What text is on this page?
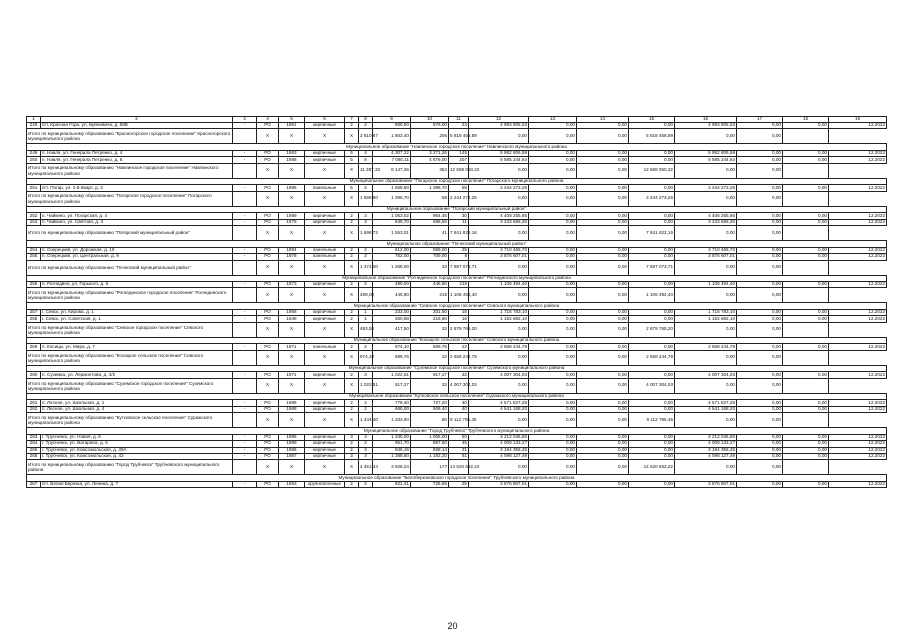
1	2	3	4	5	6	7	8	9	10	11	12	13	14	15	16	17	18	19
240	пгт. Красная Гора, ул. Буйневича, д. 58В	-	РО	1961	кирпичные	2	2	869,50	676,00	24	4 993 805,03	0,00	0,00	0,00	4 993 805,03	0,00	0,00	12.2022
Итого по муниципальному образованию "Красногорское городское поселение" Красногорского муниципального района			X	X	X	X	2 610,67	1 803,40	206	5 818 468,89	0,00	0,00	0,00	5 818 468,89	0,00	0,00		
Муниципальное образование "Навлинское городское поселение" Навлинского муниципального района																		
249	п. Навля, ул. Генерала Петренко, д. 4	-	РО	1983	кирпичные	5	4	4 307,22	3 271,26	145	5 982 806,58	0,00	0,00	0,00	5 982 806,58	0,00	0,00	12.2022
250	п. Навля, ул. Генерала Петренко, д. 6	-	РО	1988	кирпичные	5	8	7 080,11	4 876,00	207	6 585 244,64	0,00	0,00	0,00	6 585 244,64	0,00	0,00	12.2022
Итого по муниципальному образованию "Навлинское городское поселение" Навлинского муниципального района			X	X	X	X	11 387,33	8 147,26	352	12 568 050,22	0,00	0,00	0,00	12 568 050,22	0,00	0,00		
Муниципальное образование "Погарское городское поселение" Погарского муниципального района																		
251	пгт. Погар, ул. 2-й Кварт, д. 3	-	РО	1996	панельные	5	2	1 559,60	1 396,70	58	2 244 273,26	0,00	0,00	0,00	2 244 273,26	0,00	0,00	12.2022
Итого по муниципальному образованию "Погарское городское поселение" Погарского муниципального района			X	X	X	X	1 559,60	1 396,70	58	2 244 273,26	0,00	0,00	0,00	2 244 273,26	0,00	0,00		
Муниципальное образование "Погарский муниципальный район"																		
252	п. Чайкино, ул. Погарская, д. 4	-	РО	1989	кирпичные	2	3	1 053,02	964,45	30	4 408 255,86	0,00	0,00	0,00	4 408 255,86	0,00	0,00	12.2022
253	п. Чайкино, ул. Светлая, д. 3	-	РО	1975	кирпичные	2	3	645,70	588,56	11	3 433 566,30	0,00	0,00	0,00	3 433 566,30	0,00	0,00	12.2022
Итого по муниципальному образованию "Погарский муниципальный район"			X	X	X	X	1 698,72	1 553,01	41	7 841 822,16	0,00	0,00	0,00	7 841 822,16	0,00	0,00		
Муниципальное образование "Почепский муниципальный район"																		
254	п. Озерецкий, ул. Дорожная, д. 19	-	РО	1994	панельные	2	2	612,00	559,00	25	3 710 466,70	0,00	0,00	0,00	3 710 466,70	0,00	0,00	12.2022
255	п. Озерецкий, ул. Центральная, д. 9	-	РО	1978	панельные	2	2	762,00	709,00	8	3 876 607,01	0,00	0,00	0,00	3 876 607,01	0,00	0,00	12.2022
Итого по муниципальному образованию "Почепский муниципальный район"			X	X	X	X	1 374,00	1 268,00	33	7 587 073,71	0,00	0,00	0,00	7 587 073,71	0,00	0,00		
Муниципальное образование "Рогнединское городское поселение" Рогнединского муниципального района																		
256	п. Рогнедино, ул. Горького, д. 6	-	РО	1973	кирпичные	2	2	499,00	446,80	215	1 106 494,40	0,00	0,00	0,00	1 106 494,40	0,00	0,00	12.2022
Итого по муниципальному образованию "Рогнединское городское поселение" Рогнединского муниципального района			X	X	X	X	499,00	446,80	215	1 106 494,40	0,00	0,00	0,00	1 106 494,40	0,00	0,00		
Муниципальное образование "Севское городское поселение" Севского муниципального района																		
257	г. Севск, ул. Кирова, д. 1	-	РО	1956	кирпичные	2	1	233,00	201,90	16	1 716 783,10	0,00	0,00	0,00	1 716 783,10	0,00	0,00	12.2022
258	г. Севск, ул. Советская, д. 1	-	РО	1949	кирпичные	2	1	260,58	215,60	16	1 162 982,10	0,00	0,00	0,00	1 162 982,10	0,00	0,00	12.2022
Итого по муниципальному образованию "Севское городское поселение" Севского муниципального района			X	X	X	X	493,58	417,50	32	2 879 765,20	0,00	0,00	0,00	2 879 765,20	0,00	0,00		
Муниципальное образование "Косицкое сельское поселение" Севского муниципального района																		
259	п. Косицы, ул. Мира, д. 7	-	РО	1971	панельные	2	2	674,10	589,76	22	2 658 244,79	0,00	0,00	0,00	2 658 244,79	0,00	0,00	12.2022
Итого по муниципальному образованию "Косицкое сельское поселение" Севского муниципального района			X	X	X	X	674,10	589,76	22	2 658 244,79	0,00	0,00	0,00	2 658 244,79	0,00	0,00		
Муниципальное образование "Суземское городское поселение" Суземского муниципального района																		
260	п. Суземка, ул. Лермонтова, д. 3/2	-	РО	1971	кирпичные	2	3	1 022,51	917,27	32	4 007 304,03	0,00	0,00	0,00	4 007 304,03	0,00	0,00	12.2022
Итого по муниципальному образованию "Суземское городское поселение" Суземского муниципального района			X	X	X	X	1 022,51	917,27	32	4 007 304,03	0,00	0,00	0,00	4 007 304,03	0,00	0,00		
Муниципальное образование "Кутковское сельское поселение" Суражского муниципального района																		
261	п. Лесное, ул. Школьная, д. 1	-	РО	1986	кирпичные	2	2	778,40	727,20	40	4 571 627,25	0,00	0,00	0,00	4 571 627,25	0,00	0,00	12.2022
262	п. Лесное, ул. Школьная, д. 4	-	РО	1988	кирпичные	2	2	666,00	606,40	40	4 541 168,20	0,00	0,00	0,00	4 541 168,20	0,00	0,00	12.2022
Итого по муниципальному образованию "Кутковское сельское поселение" Суражского муниципального района			X	X	X	X	1 444,40	1 333,60	80	9 112 795,45	0,00	0,00	0,00	9 112 795,45	0,00	0,00		
Муниципальное образование "Город Трубчевск" Трубчевского муниципального района																		
263	г. Трубчевск, ул. Новая, д. 6	-	РО	1986	кирпичные	3	3	1 235,00	1 005,00	50	3 212 045,80	0,00	0,00	0,00	3 212 045,80	0,00	0,00	12.2022
264	г. Трубчевск, ул. Ватарина, д. 5	-	РО	1989	кирпичные	2	2	951,70	867,50	45	4 009 133,27	0,00	0,00	0,00	4 009 133,27	0,00	0,00	12.2022
265	г. Трубчевск, ул. Комсомольская, д. 39А	-	РО	1986	кирпичные	2	3	946,16	828,14	31	3 184 356,25	0,00	0,00	0,00	3 184 356,25	0,00	0,00	12.2022
266	г. Трубчевск, ул. Комсомольская, д. 42	-	РО	1987	кирпичные	3	3	1 388,60	1 183,20	51	4 098 127,49	0,00	0,00	0,00	4 098 127,49	0,00	0,00	12.2022
Итого по муниципальному образованию "Город Трубчевск" Трубчевского муниципального района			X	X	X	X	4 451,44	3 926,24	177	14 520 662,22	0,00	0,00	0,00	14 520 662,22	0,00	0,00		
Муниципальное образование "Белоберезковское городское поселение" Трубчевского муниципального района																		
267	пгт. Белая Березка, ул. Ленина, д. 7	-	РО	1963	крупноблочные	2	2	821,41	726,69	25	3 876 607,01	0,00	0,00	0,00	3 876 607,01	0,00	0,00	12.2022
20
